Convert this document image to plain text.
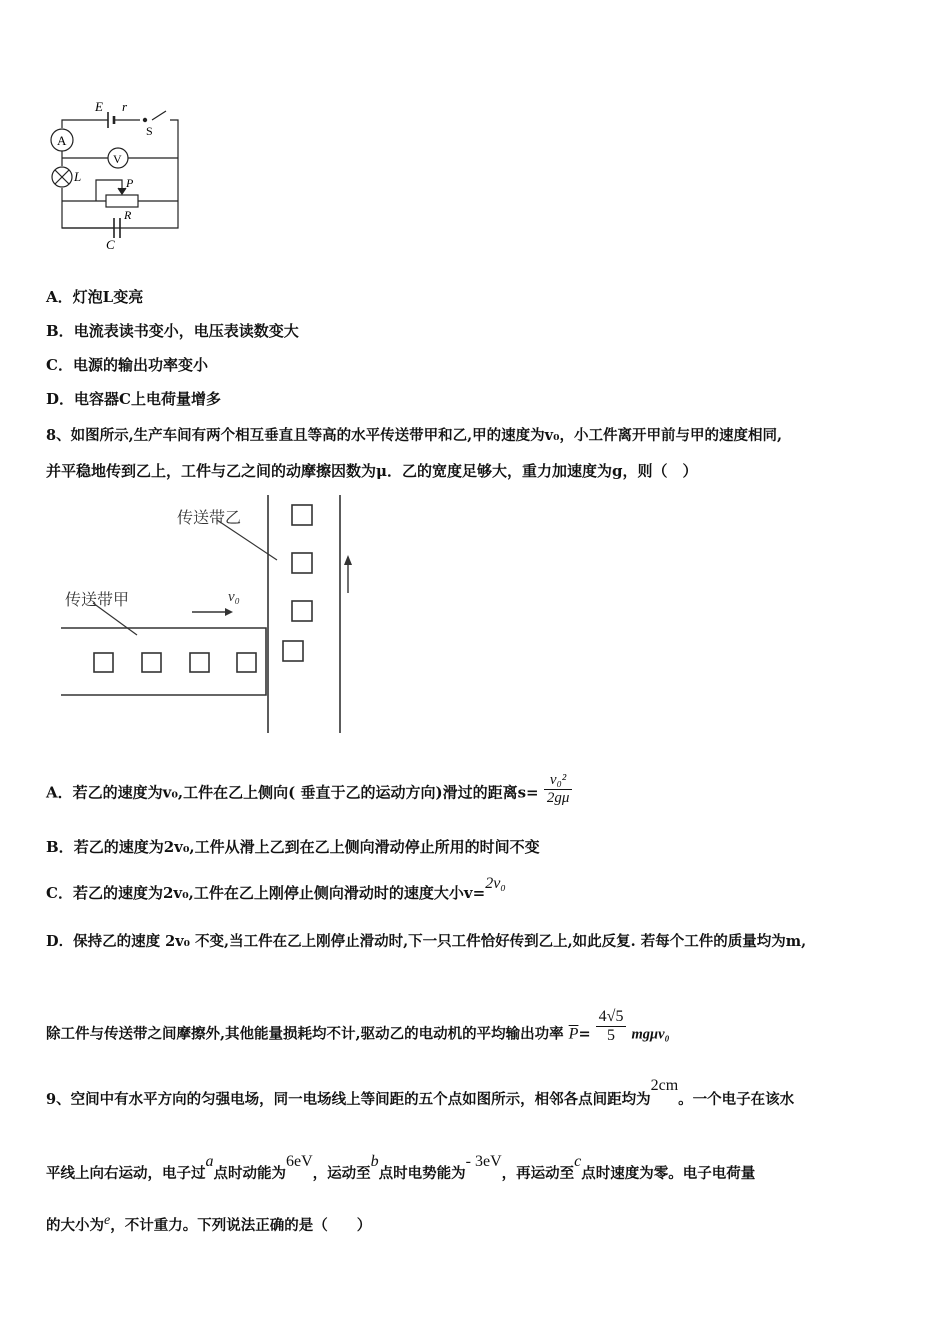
E r
S
A
V
L	P
R
C
A．灯泡L变亮
B．电流表读书变小，电压表读数变大
C．电源的输出功率变小
D．电容器C上电荷量增多
8、如图所示,生产车间有两个相互垂直且等高的水平传送带甲和乙,甲的速度为v₀，小工件离开甲前与甲的速度相同,
并平稳地传到乙上，工件与乙之间的动摩擦因数为μ．乙的宽度足够大，重力加速度为g，则（　）
传送带乙
传送带甲	v₀
A．若乙的速度为v₀,工件在乙上侧向( 垂直于乙的运动方向)滑过的距离$s= \frac{\text{v₀²}}{2g\mu}$
B．若乙的速度为2v₀,工件从滑上乙到在乙上侧向滑动停止所用的时间不变
C．若乙的速度为2v₀,工件在乙上刚停止侧向滑动时的速度大小v=2v₀
D．保持乙的速度 2v₀ 不变,当工件在乙上刚停止滑动时,下一只工件恰好传到乙上,如此反复. 若每个工件的质量均为m,
除工件与传送带之间摩擦外,其他能量损耗均不计,驱动乙的电动机的平均输出功率 $\overline{P}= \frac{4√5}{5} mg\mu v_0$
9、空间中有水平方向的匀强电场，同一电场线上等间距的五个点如图所示，相邻各点间距均为2cm。一个电子在该水
平线上向右运动，电子过a点时动能为6eV，运动至b点时电势能为- 3eV，再运动至c点时速度为零。电子电荷量
的大小为e，不计重力。下列说法正确的是（　　）
